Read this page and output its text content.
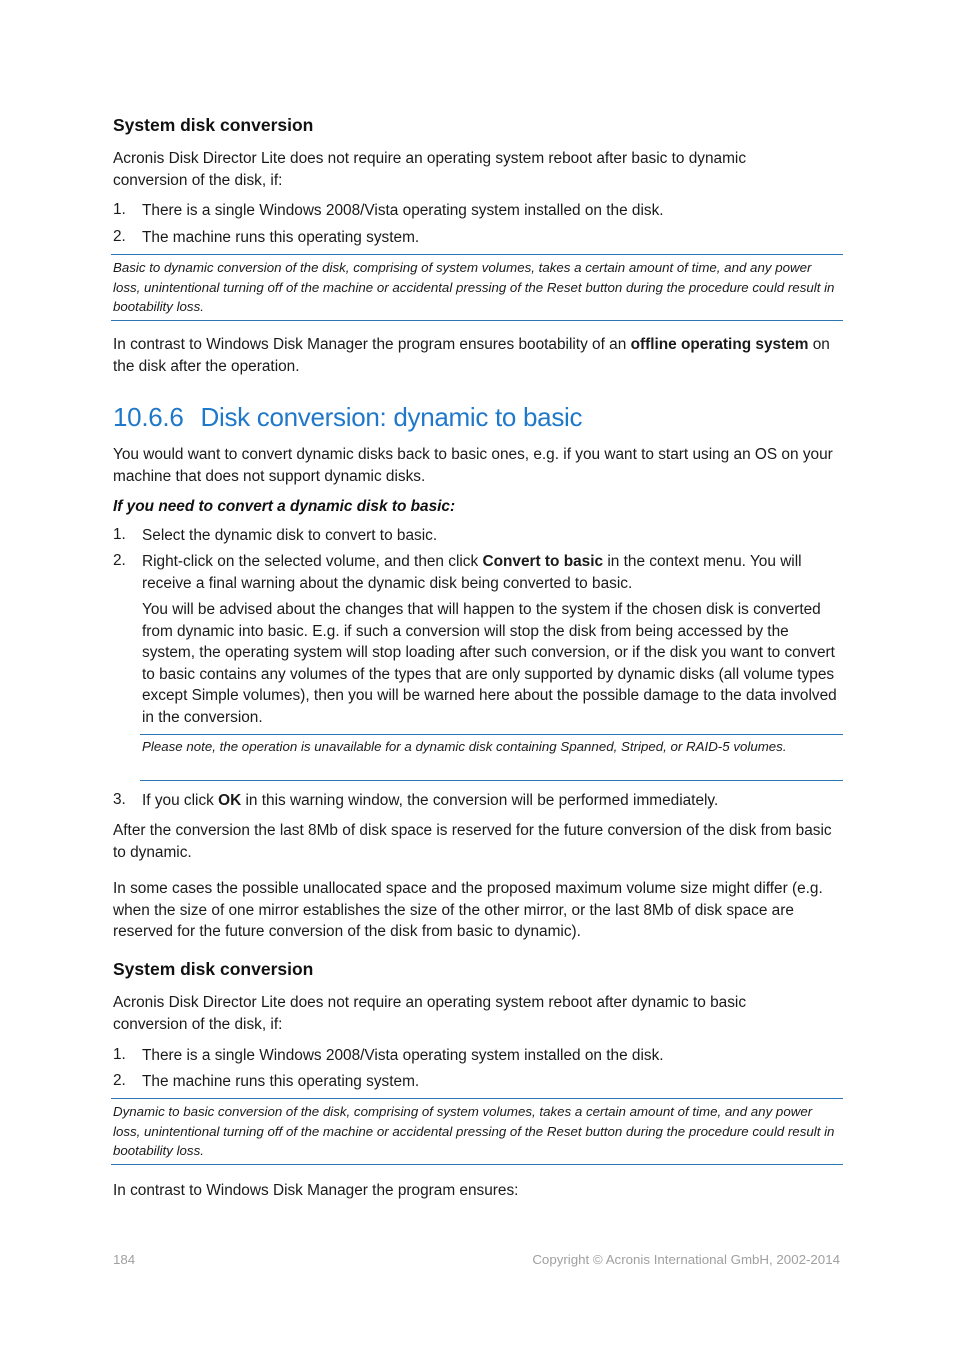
System disk conversion
Acronis Disk Director Lite does not require an operating system reboot after basic to dynamic conversion of the disk, if:
1. There is a single Windows 2008/Vista operating system installed on the disk.
2. The machine runs this operating system.
Basic to dynamic conversion of the disk, comprising of system volumes, takes a certain amount of time, and any power loss, unintentional turning off of the machine or accidental pressing of the Reset button during the procedure could result in bootability loss.
In contrast to Windows Disk Manager the program ensures bootability of an offline operating system on the disk after the operation.
10.6.6 Disk conversion: dynamic to basic
You would want to convert dynamic disks back to basic ones, e.g. if you want to start using an OS on your machine that does not support dynamic disks.
If you need to convert a dynamic disk to basic:
1. Select the dynamic disk to convert to basic.
2. Right-click on the selected volume, and then click Convert to basic in the context menu. You will receive a final warning about the dynamic disk being converted to basic.
You will be advised about the changes that will happen to the system if the chosen disk is converted from dynamic into basic. E.g. if such a conversion will stop the disk from being accessed by the system, the operating system will stop loading after such conversion, or if the disk you want to convert to basic contains any volumes of the types that are only supported by dynamic disks (all volume types except Simple volumes), then you will be warned here about the possible damage to the data involved in the conversion.
Please note, the operation is unavailable for a dynamic disk containing Spanned, Striped, or RAID-5 volumes.
3. If you click OK in this warning window, the conversion will be performed immediately.
After the conversion the last 8Mb of disk space is reserved for the future conversion of the disk from basic to dynamic.
In some cases the possible unallocated space and the proposed maximum volume size might differ (e.g. when the size of one mirror establishes the size of the other mirror, or the last 8Mb of disk space are reserved for the future conversion of the disk from basic to dynamic).
System disk conversion
Acronis Disk Director Lite does not require an operating system reboot after dynamic to basic conversion of the disk, if:
1. There is a single Windows 2008/Vista operating system installed on the disk.
2. The machine runs this operating system.
Dynamic to basic conversion of the disk, comprising of system volumes, takes a certain amount of time, and any power loss, unintentional turning off of the machine or accidental pressing of the Reset button during the procedure could result in bootability loss.
In contrast to Windows Disk Manager the program ensures:
184	Copyright © Acronis International GmbH, 2002-2014
